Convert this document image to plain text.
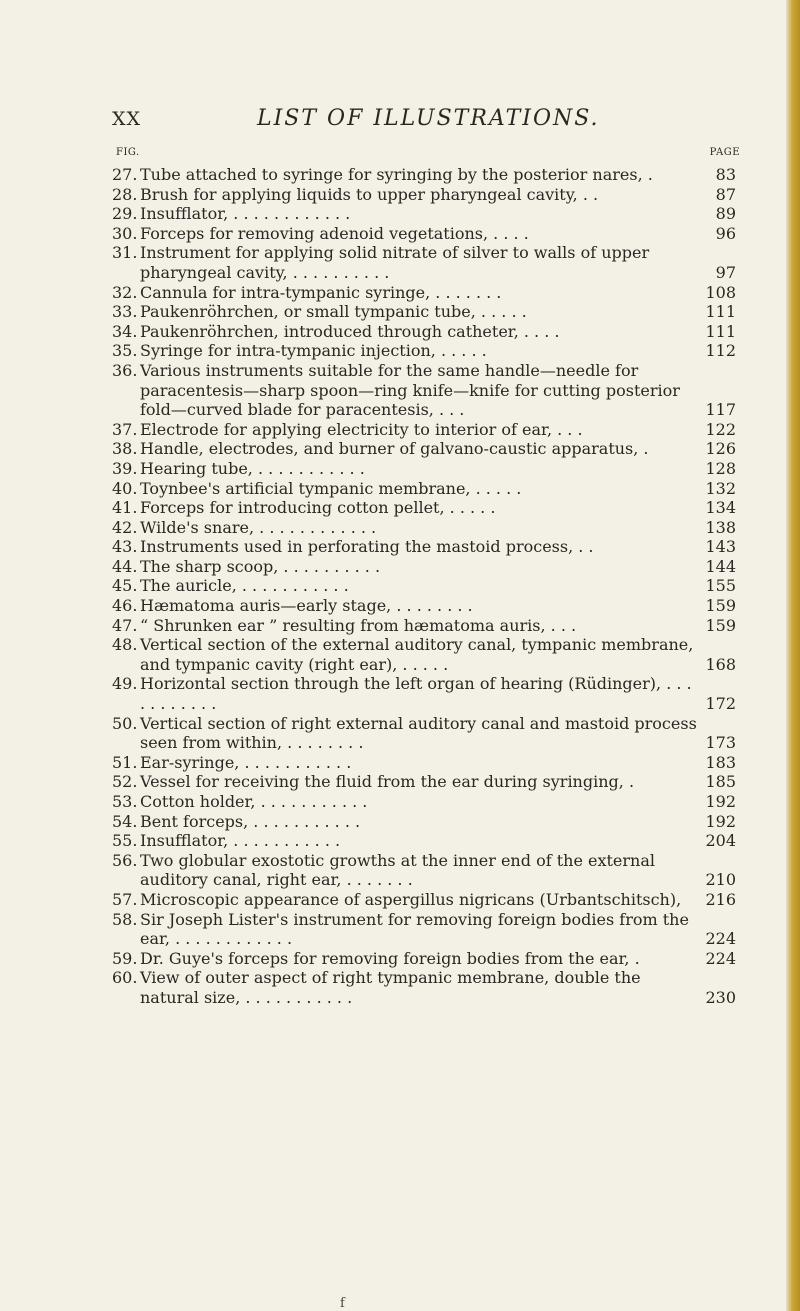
XX	LIST OF ILLUSTRATIONS.
FIG.	PAGE
27. Tube attached to syringe for syringing by the posterior nares, .	83
28. Brush for applying liquids to upper pharyngeal cavity, . .	87
29. Insufflator, . . . . . . . . . . . .	89
30. Forceps for removing adenoid vegetations, . . . .	96
31. Instrument for applying solid nitrate of silver to walls of upper pharyngeal cavity, . . . . . . . . . .	97
32. Cannula for intra-tympanic syringe, . . . . . . .	108
33. Paukenröhrchen, or small tympanic tube, . . . . .	111
34. Paukenröhrchen, introduced through catheter, . . . .	111
35. Syringe for intra-tympanic injection, . . . . .	112
36. Various instruments suitable for the same handle—needle for paracentesis—sharp spoon—ring knife—knife for cutting posterior fold—curved blade for paracentesis, . . .	117
37. Electrode for applying electricity to interior of ear, . . .	122
38. Handle, electrodes, and burner of galvano-caustic apparatus, .	126
39. Hearing tube, . . . . . . . . . . .	128
40. Toynbee's artificial tympanic membrane, . . . . .	132
41. Forceps for introducing cotton pellet, . . . . .	134
42. Wilde's snare, . . . . . . . . . . . .	138
43. Instruments used in perforating the mastoid process, . .	143
44. The sharp scoop, . . . . . . . . . .	144
45. The auricle, . . . . . . . . . . .	155
46. Hæmatoma auris—early stage, . . . . . . . .	159
47. “ Shrunken ear ” resulting from hæmatoma auris, . . .	159
48. Vertical section of the external auditory canal, tympanic membrane, and tympanic cavity (right ear), . . . . .	168
49. Horizontal section through the left organ of hearing (Rüdinger), . . . . . . . . . . .	172
50. Vertical section of right external auditory canal and mastoid process seen from within, . . . . . . . .	173
51. Ear-syringe, . . . . . . . . . . .	183
52. Vessel for receiving the fluid from the ear during syringing, .	185
53. Cotton holder, . . . . . . . . . . .	192
54. Bent forceps, . . . . . . . . . . .	192
55. Insufflator, . . . . . . . . . . .	204
56. Two globular exostotic growths at the inner end of the external auditory canal, right ear, . . . . . . .	210
57. Microscopic appearance of aspergillus nigricans (Urbantschitsch), 216
58. Sir Joseph Lister's instrument for removing foreign bodies from the ear, . . . . . . . . . . . .	224
59. Dr. Guye's forceps for removing foreign bodies from the ear, .	224
60. View of outer aspect of right tympanic membrane, double the natural size, . . . . . . . . . . .	230
f
